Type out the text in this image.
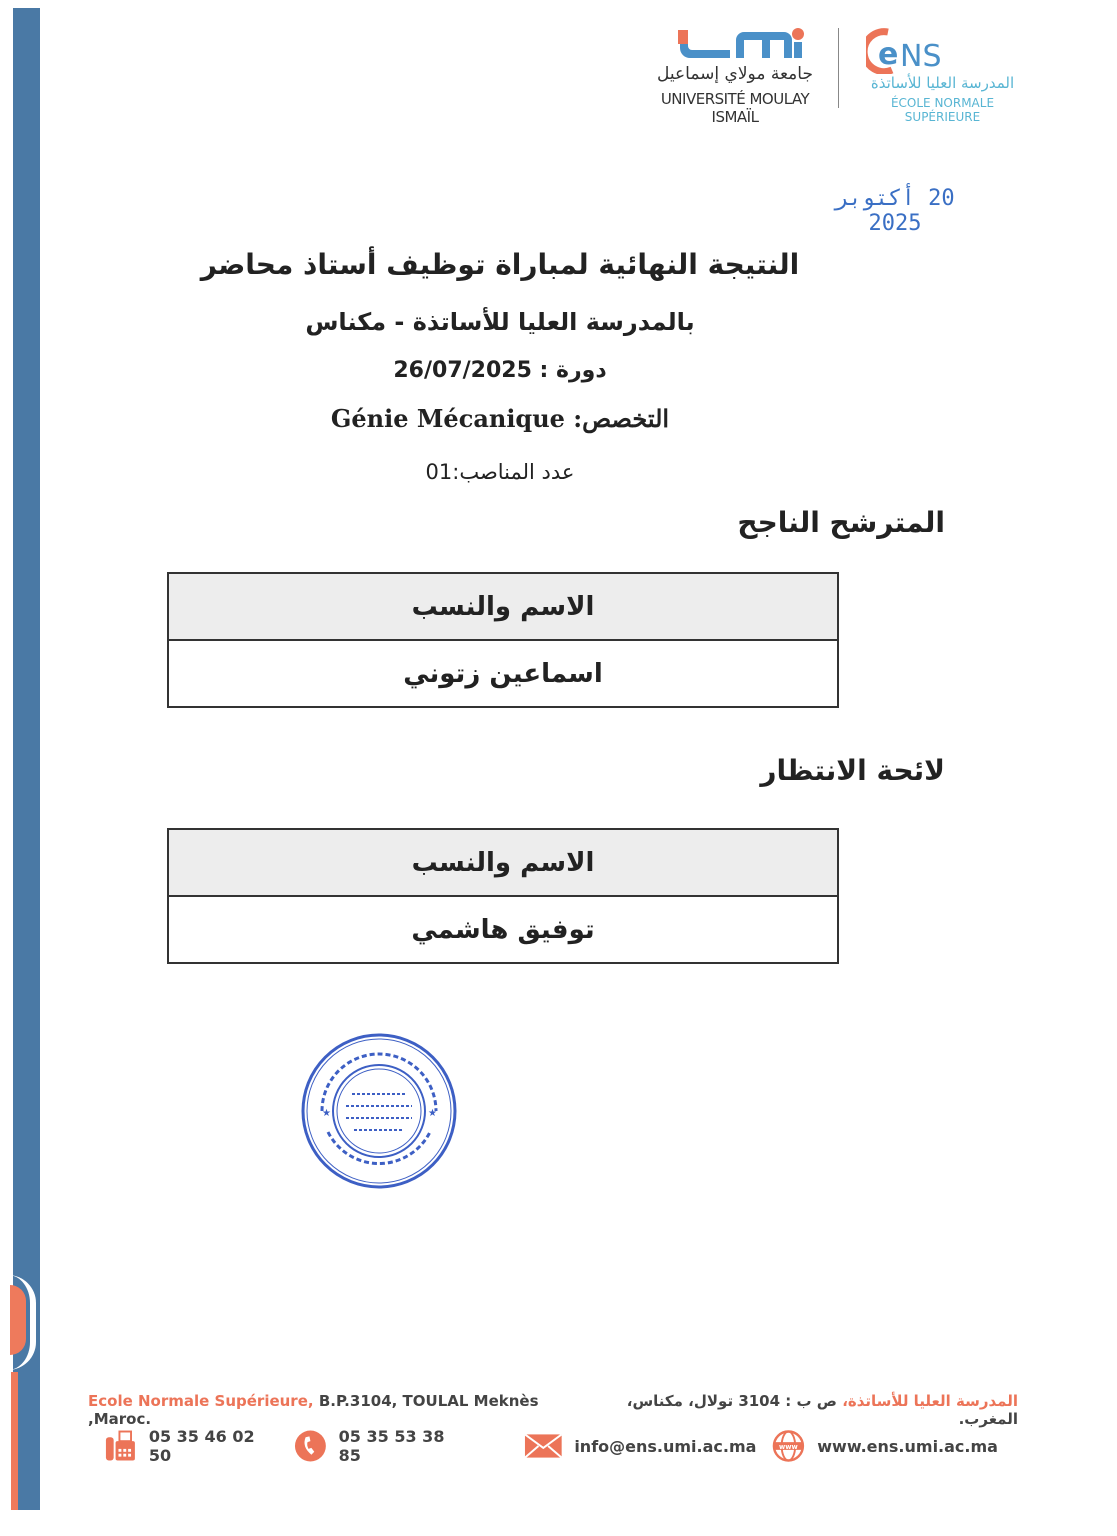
جامعة مولاي إسماعيل
UNIVERSITÉ MOULAY ISMAÏL
e NS
المدرسة العليا للأساتذة
ÉCOLE NORMALE SUPÉRIEURE
20 أكتوبر 2025
النتيجة النهائية لمباراة توظيف أستاذ محاضر
بالمدرسة العليا للأساتذة - مكناس
دورة : 26/07/2025
التخصص: Génie Mécanique
عدد المناصب:01
المترشح الناجح
الاسم والنسب
اسماعين زتوني
لائحة الانتظار
الاسم والنسب
توفيق هاشمي
★	★
Ecole Normale Supérieure, B.P.3104, TOULAL Meknès ,Maroc.
المدرسة العليا للأساتذة، ص ب : 3104 تولال، مكناس، المغرب.
05 35 46 02 50
05 35 53 38 85	info@ens.umi.ac.ma	www www.ens.umi.ac.ma
